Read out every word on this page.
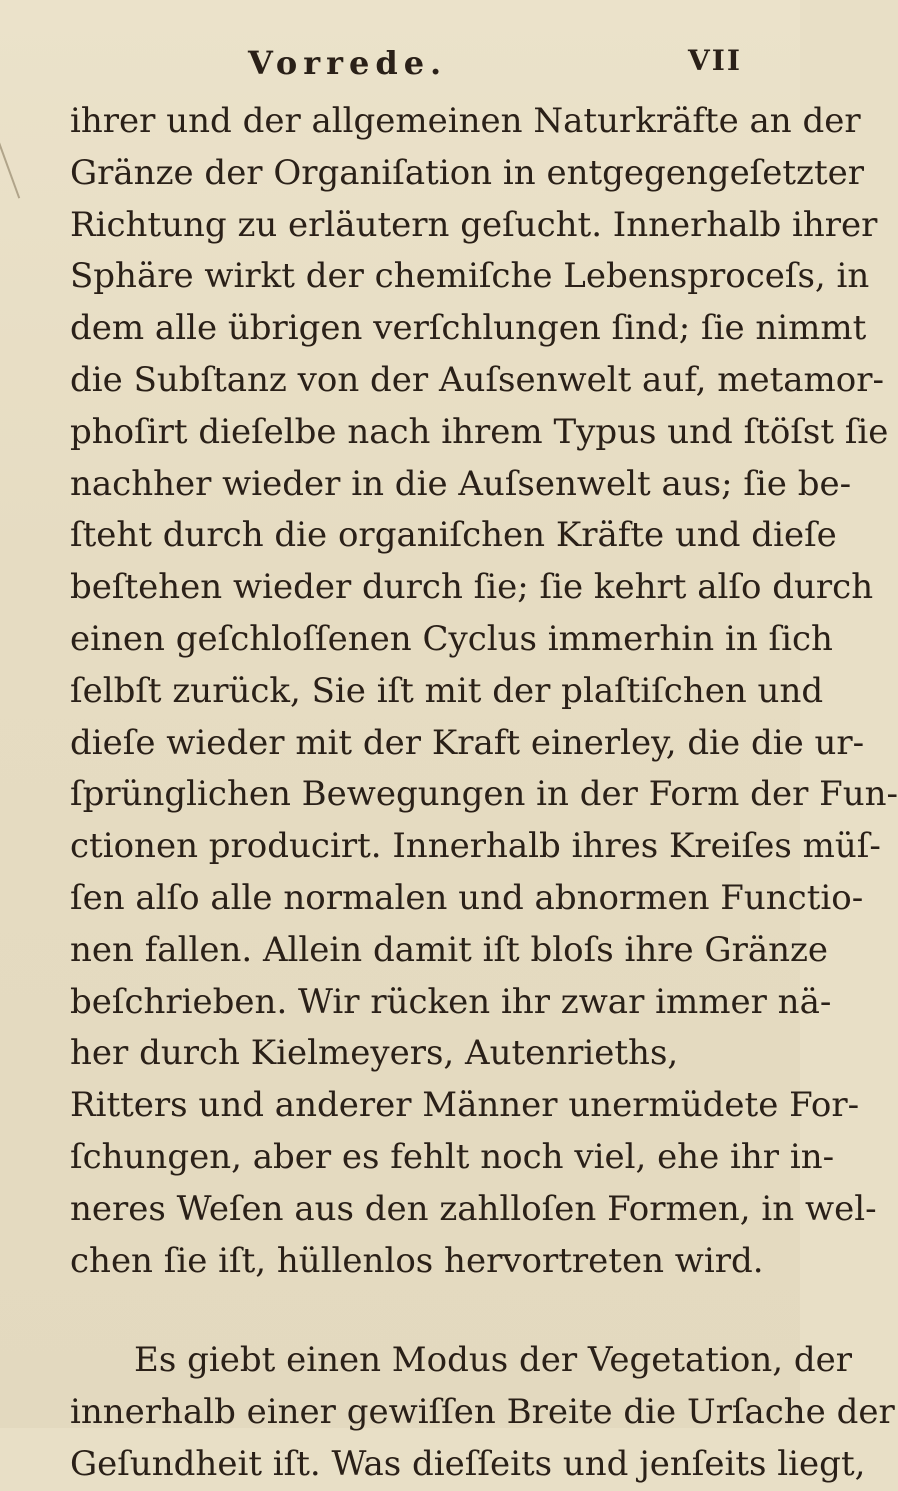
Vorrede.	VII
ihrer und der allgemeinen Naturkräfte an der
Gränze der Organiſation in entgegengeſetzter
Richtung zu erläutern geſucht. Innerhalb ihrer
Sphäre wirkt der chemiſche Lebensproceſs, in
dem alle übrigen verſchlungen ſind; ſie nimmt
die Subſtanz von der Auſsenwelt auf, metamor-
phoſirt dieſelbe nach ihrem Typus und ſtöſst ſie
nachher wieder in die Auſsenwelt aus; ſie be-
ſteht durch die organiſchen Kräfte und dieſe
beſtehen wieder durch ſie; ſie kehrt alſo durch
einen geſchloſſenen Cyclus immerhin in ſich
ſelbſt zurück, Sie iſt mit der plaſtiſchen und
dieſe wieder mit der Kraft einerley, die die ur-
ſprünglichen Bewegungen in der Form der Fun-
ctionen producirt. Innerhalb ihres Kreiſes müſ-
ſen alſo alle normalen und abnormen Functio-
nen fallen. Allein damit iſt bloſs ihre Gränze
beſchrieben. Wir rücken ihr zwar immer nä-
her durch Kielmeyers, Autenrieths,
Ritters und anderer Männer unermüdete For-
ſchungen, aber es fehlt noch viel, ehe ihr in-
neres Weſen aus den zahlloſen Formen, in wel-
chen ſie iſt, hüllenlos hervortreten wird.
Es giebt einen Modus der Vegetation, der
innerhalb einer gewiſſen Breite die Urſache der
Geſundheit iſt. Was dieſſeits und jenſeits liegt,
